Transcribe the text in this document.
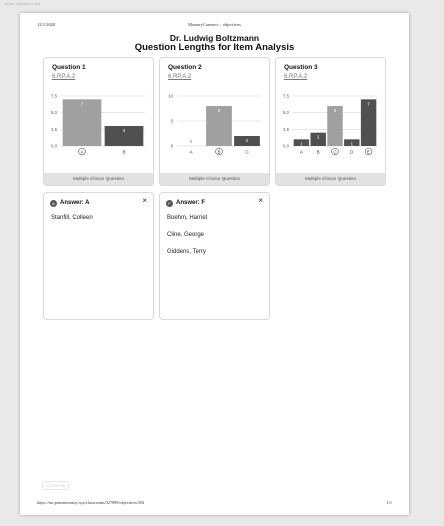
report-objectives.pdf
12/1/2020	MasteryConnect :: objectives
Dr. Ludwig Boltzmann
Question Lengths for Item Analysis
Question 1
6.RP.A.2
0.0
2.5
5.0
7.5
7
A
3
B
Multiple Choice Question
Question 2
6.RP.A.2
0
5
10
0
A
8
B
2
C
Multiple Choice Question
Question 3
6.RP.A.2
0.0
2.5
5.0
7.5
1
A
2
B
6
C
1
D
7
E
Multiple Choice Question
A Answer: A	×
Stanfill, Colleen
F Answer: F	×
Boehm, Harriet
Cline, George
Giddens, Terry
+4,000 ms
https://mc.parentermstry.xyz/classrooms/327899/objectives/394	1/1
